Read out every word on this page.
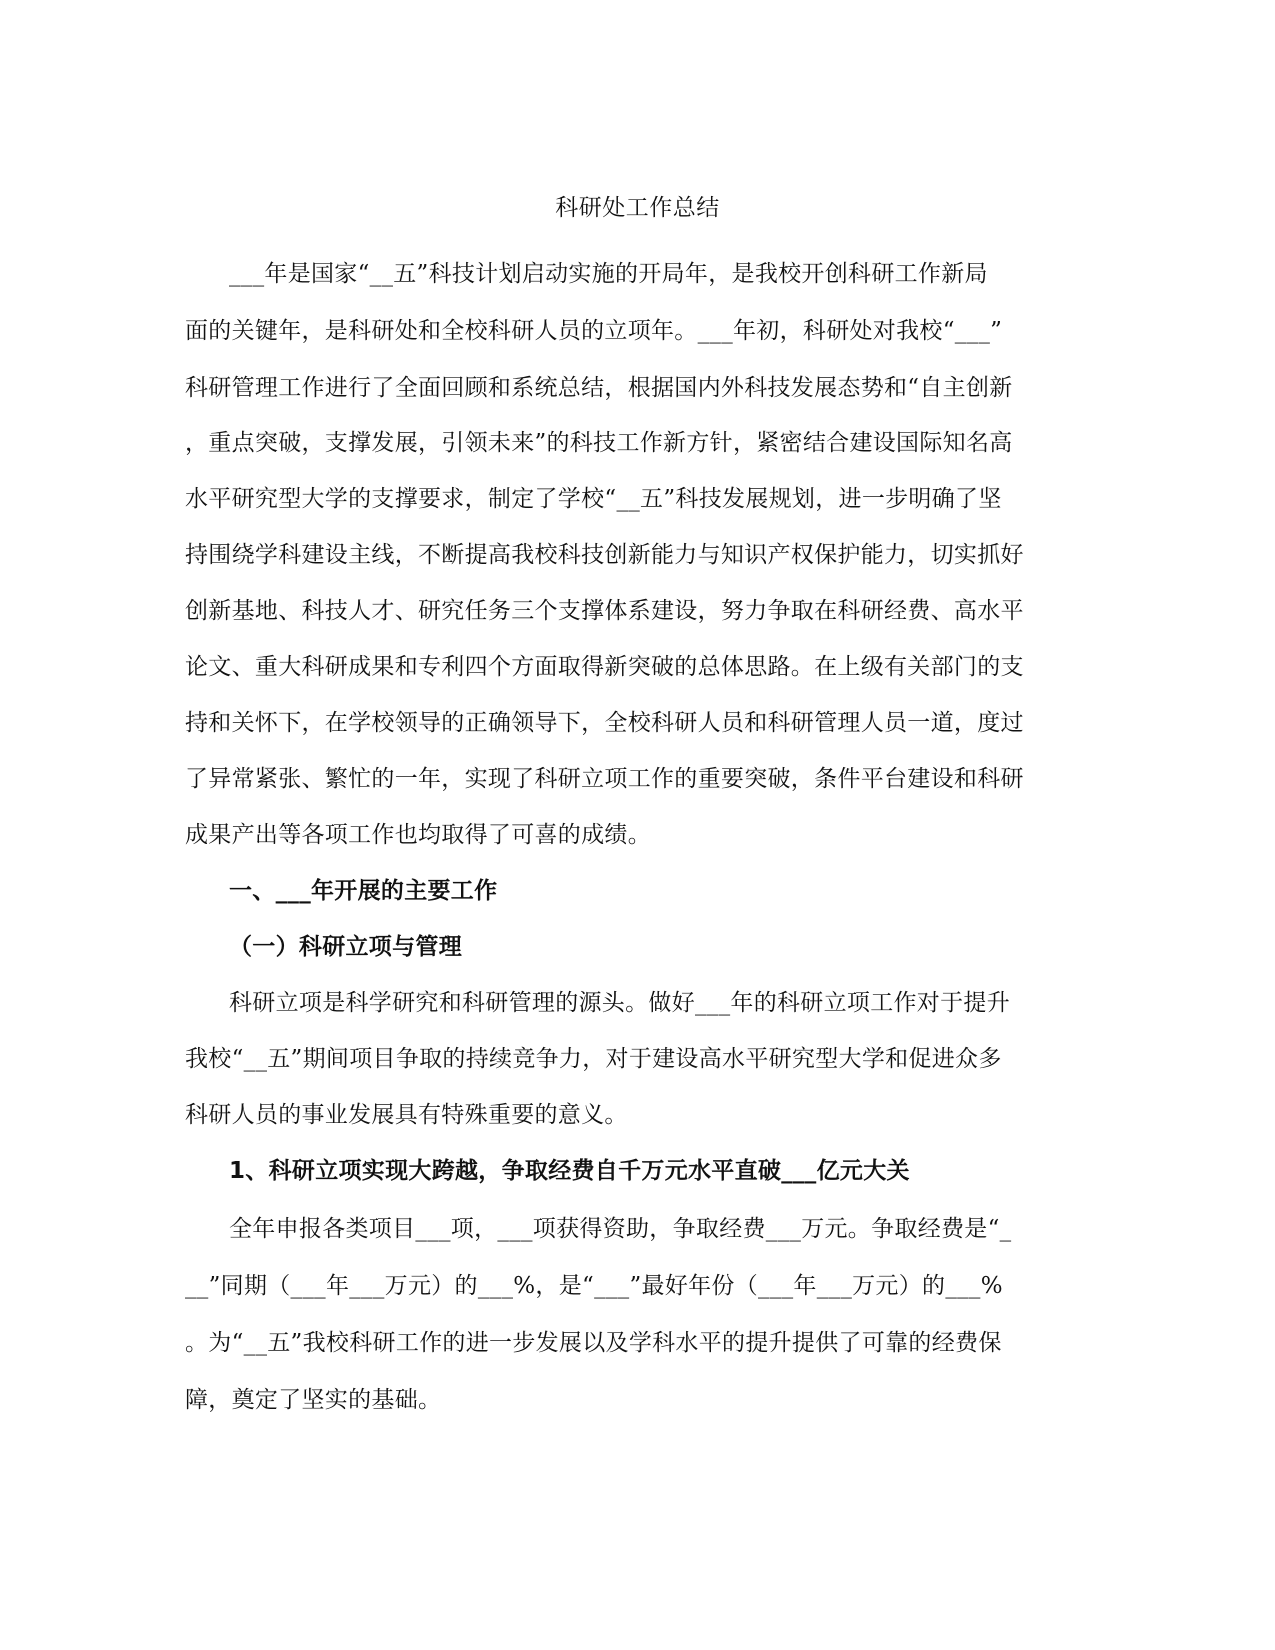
科研处工作总结
___年是国家“__五”科技计划启动实施的开局年，是我校开创科研工作新局
面的关键年，是科研处和全校科研人员的立项年。___年初，科研处对我校“___”
科研管理工作进行了全面回顾和系统总结，根据国内外科技发展态势和“自主创新
，重点突破，支撑发展，引领未来”的科技工作新方针，紧密结合建设国际知名高
水平研究型大学的支撑要求，制定了学校“__五”科技发展规划，进一步明确了坚
持围绕学科建设主线，不断提高我校科技创新能力与知识产权保护能力，切实抓好
创新基地、科技人才、研究任务三个支撑体系建设，努力争取在科研经费、高水平
论文、重大科研成果和专利四个方面取得新突破的总体思路。在上级有关部门的支
持和关怀下，在学校领导的正确领导下，全校科研人员和科研管理人员一道，度过
了异常紧张、繁忙的一年，实现了科研立项工作的重要突破，条件平台建设和科研
成果产出等各项工作也均取得了可喜的成绩。
一、___年开展的主要工作
（一）科研立项与管理
科研立项是科学研究和科研管理的源头。做好___年的科研立项工作对于提升
我校“__五”期间项目争取的持续竞争力，对于建设高水平研究型大学和促进众多
科研人员的事业发展具有特殊重要的意义。
1、科研立项实现大跨越，争取经费自千万元水平直破___亿元大关
全年申报各类项目___项，___项获得资助，争取经费___万元。争取经费是“_
__”同期（___年___万元）的___%，是“___”最好年份（___年___万元）的___%
。为“__五”我校科研工作的进一步发展以及学科水平的提升提供了可靠的经费保
障，奠定了坚实的基础。
